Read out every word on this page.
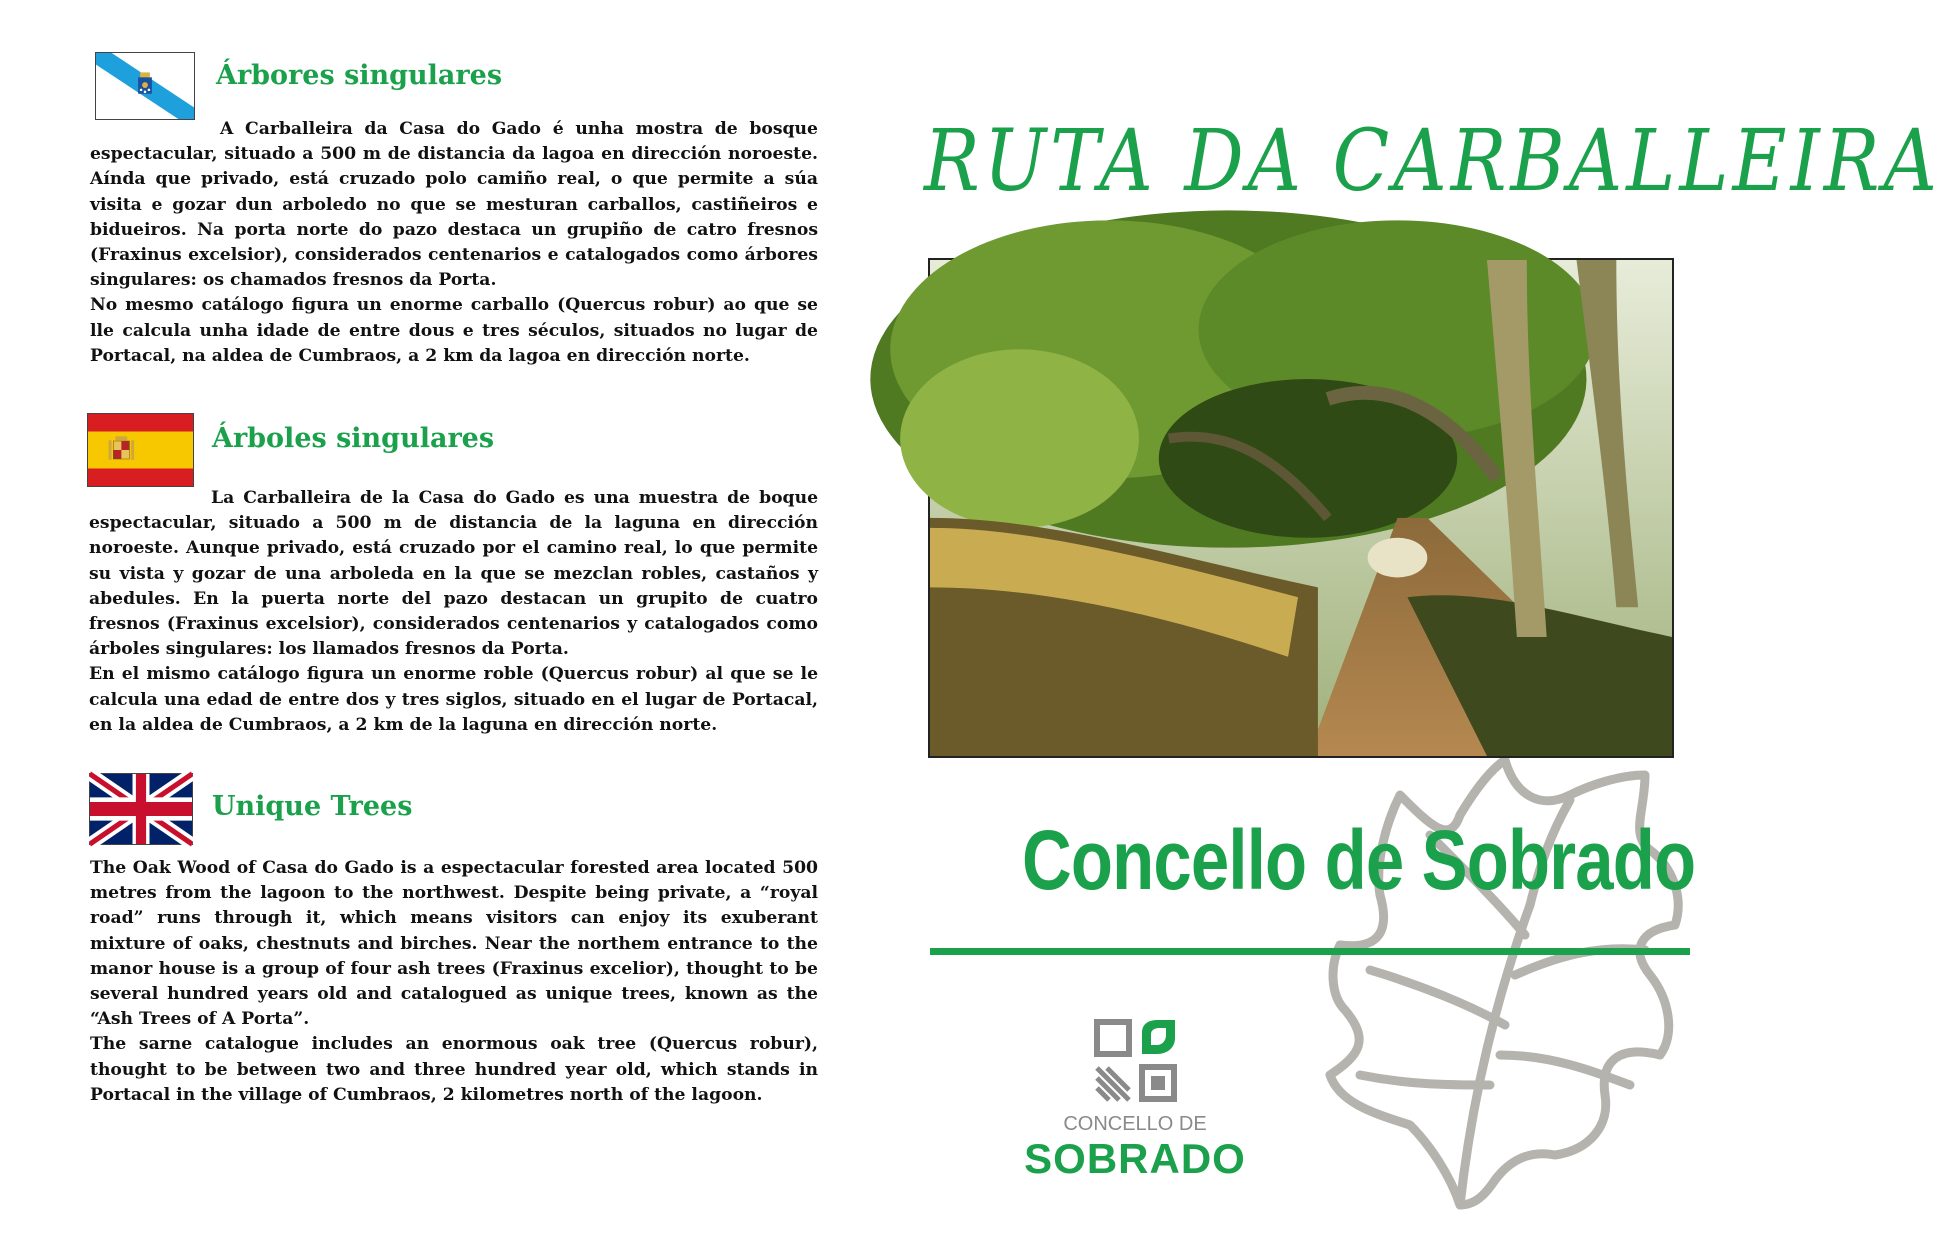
Árbores singulares

A Carballeira da Casa do Gado é unha mostra de bosque espectacular, situado a 500 m de distancia da lagoa en dirección noroeste. Aínda que privado, está cruzado polo camiño real, o que permite a súa visita e gozar dun arboledo no que se mesturan carballos, castiñeiros e bidueiros. Na porta norte do pazo destaca un grupiño de catro fresnos (Fraxinus excelsior), considerados centenarios e catalogados como árbores singulares: os chamados fresnos da Porta.

No mesmo catálogo figura un enorme carballo (Quercus robur) ao que se lle calcula unha idade de entre dous e tres séculos, situados no lugar de Portacal, na aldea de Cumbraos, a 2 km da lagoa en dirección norte.

Árboles singulares

La Carballeira de la Casa do Gado es una muestra de boque espectacular, situado a 500 m de distancia de la laguna en dirección noroeste. Aunque privado, está cruzado por el camino real, lo que permite su vista y gozar de una arboleda en la que se mezclan robles, castaños y abedules. En la puerta norte del pazo destacan un grupito de cuatro fresnos (Fraxinus excelsior), considerados centenarios y catalogados como árboles singulares: los llamados fresnos da Porta.

En el mismo catálogo figura un enorme roble (Quercus robur) al que se le calcula una edad de entre dos y tres siglos, situado en el lugar de Portacal, en la aldea de Cumbraos, a 2 km de la laguna en dirección norte.

Unique Trees

The Oak Wood of Casa do Gado is a espectacular forested area located 500 metres from the lagoon to the northwest. Despite being private, a “royal road” runs through it, which means visitors can enjoy its exuberant mixture of oaks, chestnuts and birches. Near the northem entrance to the manor house is a group of four ash trees (Fraxinus excelior), thought to be several hundred years old and catalogued as unique trees, known as the “Ash Trees of A Porta”.

The sarne catalogue includes an enormous oak tree (Quercus robur), thought to be between two and three hundred year old, which stands in Portacal in the village of Cumbraos, 2 kilometres north of the lagoon.

RUTA DA CARBALLEIRA
Concello de Sobrado
CONCELLO DE
SOBRADO
